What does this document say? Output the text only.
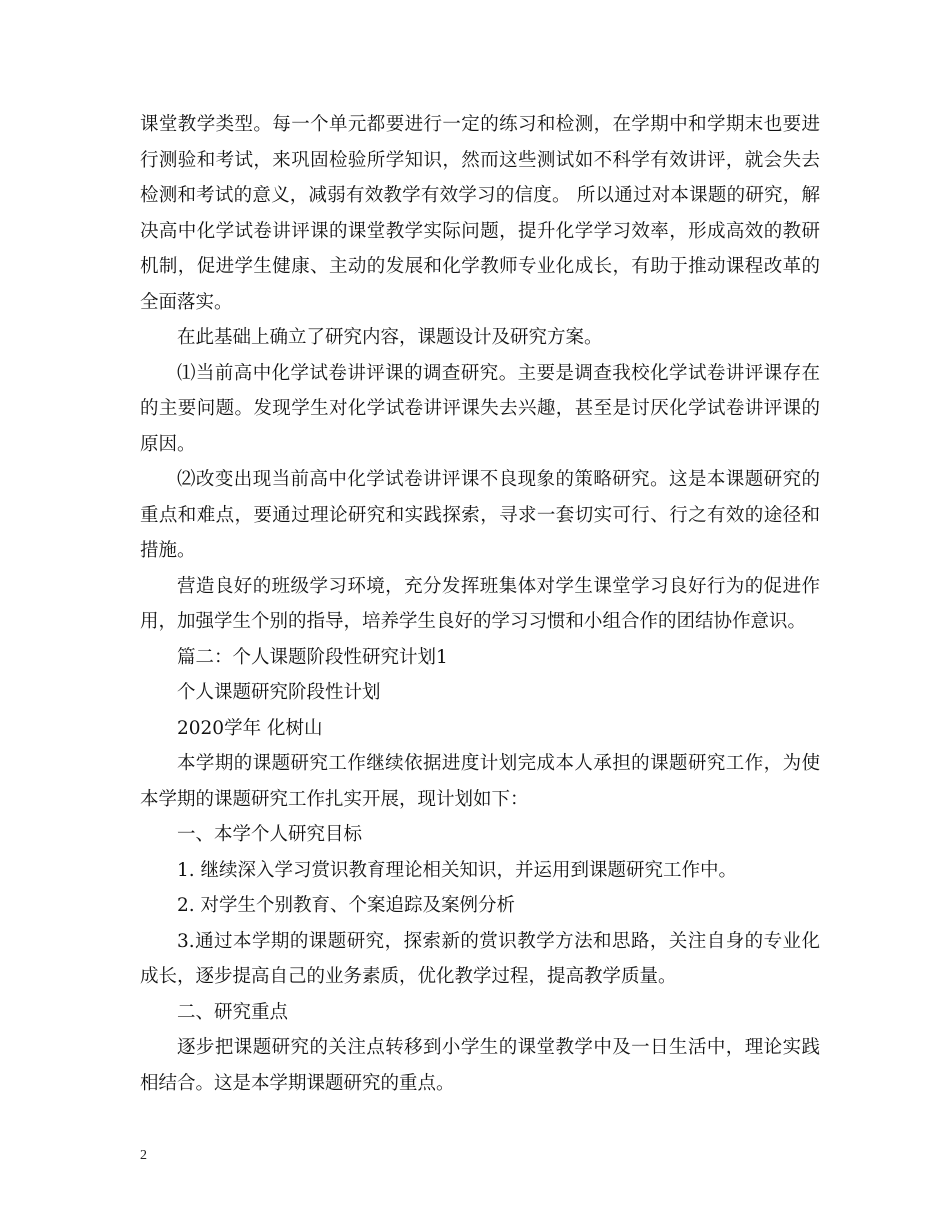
课堂教学类型。每一个单元都要进行一定的练习和检测，在学期中和学期末也要进行测验和考试，来巩固检验所学知识，然而这些测试如不科学有效讲评，就会失去检测和考试的意义，减弱有效教学有效学习的信度。 所以通过对本课题的研究，解决高中化学试卷讲评课的课堂教学实际问题，提升化学学习效率，形成高效的教研机制，促进学生健康、主动的发展和化学教师专业化成长，有助于推动课程改革的全面落实。

在此基础上确立了研究内容，课题设计及研究方案。

⑴当前高中化学试卷讲评课的调查研究。主要是调查我校化学试卷讲评课存在的主要问题。发现学生对化学试卷讲评课失去兴趣，甚至是讨厌化学试卷讲评课的原因。

⑵改变出现当前高中化学试卷讲评课不良现象的策略研究。这是本课题研究的重点和难点，要通过理论研究和实践探索，寻求一套切实可行、行之有效的途径和措施。

营造良好的班级学习环境，充分发挥班集体对学生课堂学习良好行为的促进作用，加强学生个别的指导，培养学生良好的学习习惯和小组合作的团结协作意识。

篇二：个人课题阶段性研究计划1

个人课题研究阶段性计划

2020学年 化树山

本学期的课题研究工作继续依据进度计划完成本人承担的课题研究工作，为使本学期的课题研究工作扎实开展，现计划如下：

一、本学个人研究目标

1. 继续深入学习赏识教育理论相关知识，并运用到课题研究工作中。

2. 对学生个别教育、个案追踪及案例分析

3.通过本学期的课题研究，探索新的赏识教学方法和思路，关注自身的专业化成长，逐步提高自己的业务素质，优化教学过程，提高教学质量。

二、研究重点

逐步把课题研究的关注点转移到小学生的课堂教学中及一日生活中，理论实践相结合。这是本学期课题研究的重点。

2
